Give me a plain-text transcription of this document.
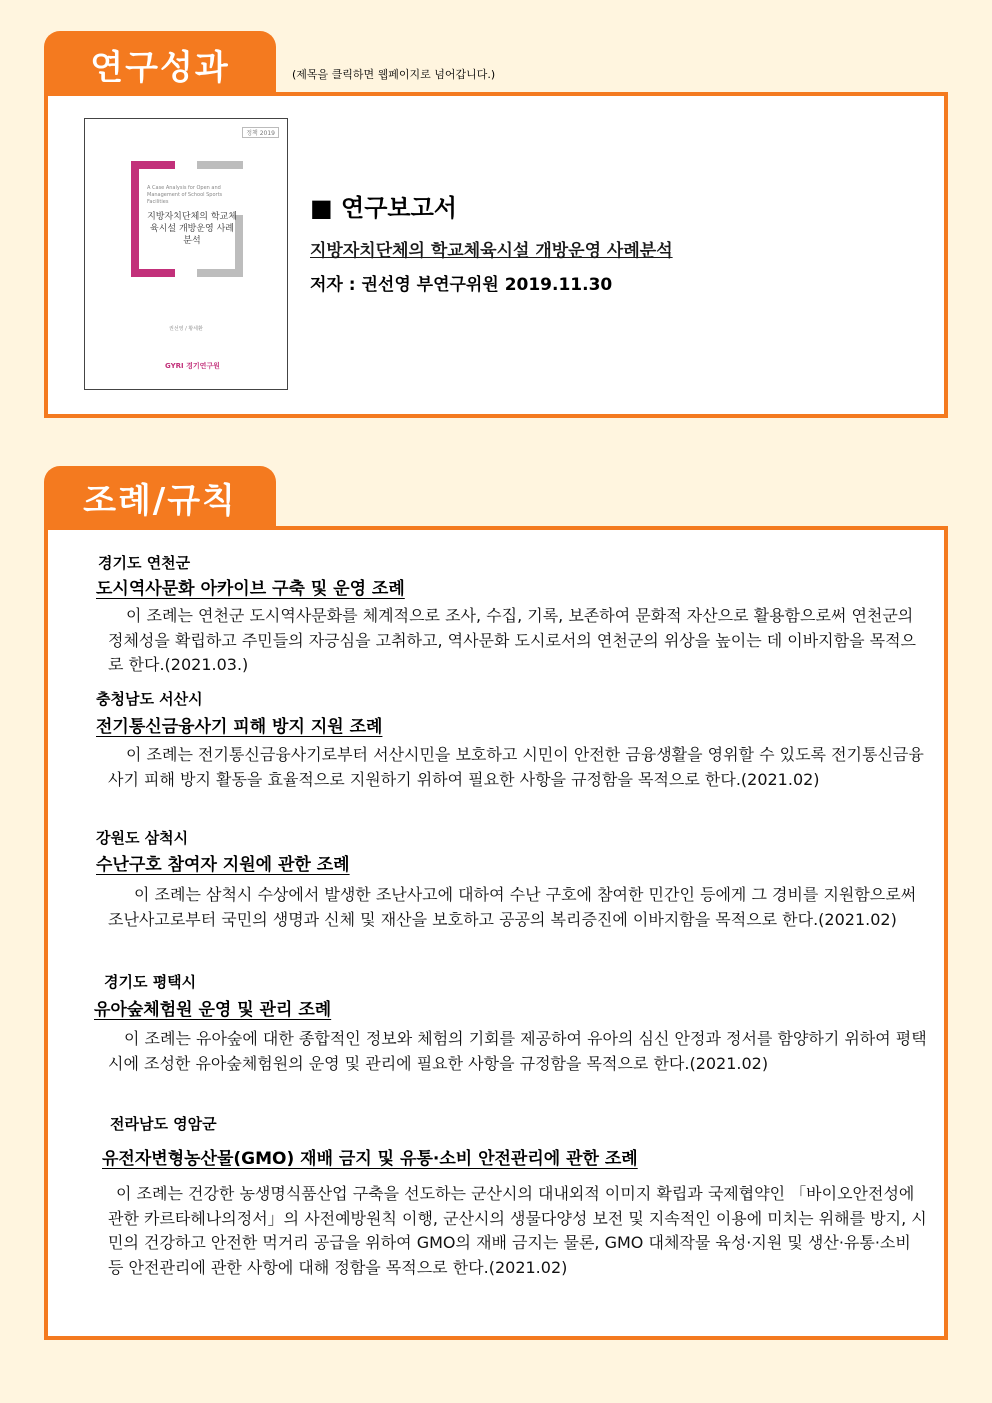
연구성과	(제목을 클릭하면 웹페이지로 넘어갑니다.)
정책 2019
A Case Analysis for Open and Management of School Sports Facilities
지방자치단체의 학교체육시설 개방운영 사례분석
권선영 / 황세환
GYRI 경기연구원
■ 연구보고서
지방자치단체의 학교체육시설 개방운영 사례분석
저자 : 권선영 부연구위원 2019.11.30
조례/규칙
경기도 연천군
도시역사문화 아카이브 구축 및 운영 조례
이 조례는 연천군 도시역사문화를 체계적으로 조사, 수집, 기록, 보존하여 문화적 자산으로 활용함으로써 연천군의 정체성을 확립하고 주민들의 자긍심을 고취하고, 역사문화 도시로서의 연천군의 위상을 높이는 데 이바지함을 목적으로 한다.(2021.03.)
충청남도 서산시
전기통신금융사기 피해 방지 지원 조례
이 조례는 전기통신금융사기로부터 서산시민을 보호하고 시민이 안전한 금융생활을 영위할 수 있도록 전기통신금융사기 피해 방지 활동을 효율적으로 지원하기 위하여 필요한 사항을 규정함을 목적으로 한다.(2021.02)
강원도 삼척시
수난구호 참여자 지원에 관한 조례
이 조례는 삼척시 수상에서 발생한 조난사고에 대하여 수난 구호에 참여한 민간인 등에게 그 경비를 지원함으로써 조난사고로부터 국민의 생명과 신체 및 재산을 보호하고 공공의 복리증진에 이바지함을 목적으로 한다.(2021.02)
경기도 평택시
유아숲체험원 운영 및 관리 조례
이 조례는 유아숲에 대한 종합적인 정보와 체험의 기회를 제공하여 유아의 심신 안정과 정서를 함양하기 위하여 평택시에 조성한 유아숲체험원의 운영 및 관리에 필요한 사항을 규정함을 목적으로 한다.(2021.02)
전라남도 영암군
유전자변형농산물(GMO) 재배 금지 및 유통·소비 안전관리에 관한 조례
이 조례는 건강한 농생명식품산업 구축을 선도하는 군산시의 대내외적 이미지 확립과 국제협약인 「바이오안전성에 관한 카르타헤나의정서」의 사전예방원칙 이행, 군산시의 생물다양성 보전 및 지속적인 이용에 미치는 위해를 방지, 시민의 건강하고 안전한 먹거리 공급을 위하여 GMO의 재배 금지는 물론, GMO 대체작물 육성·지원 및 생산·유통·소비 등 안전관리에 관한 사항에 대해 정함을 목적으로 한다.(2021.02)
